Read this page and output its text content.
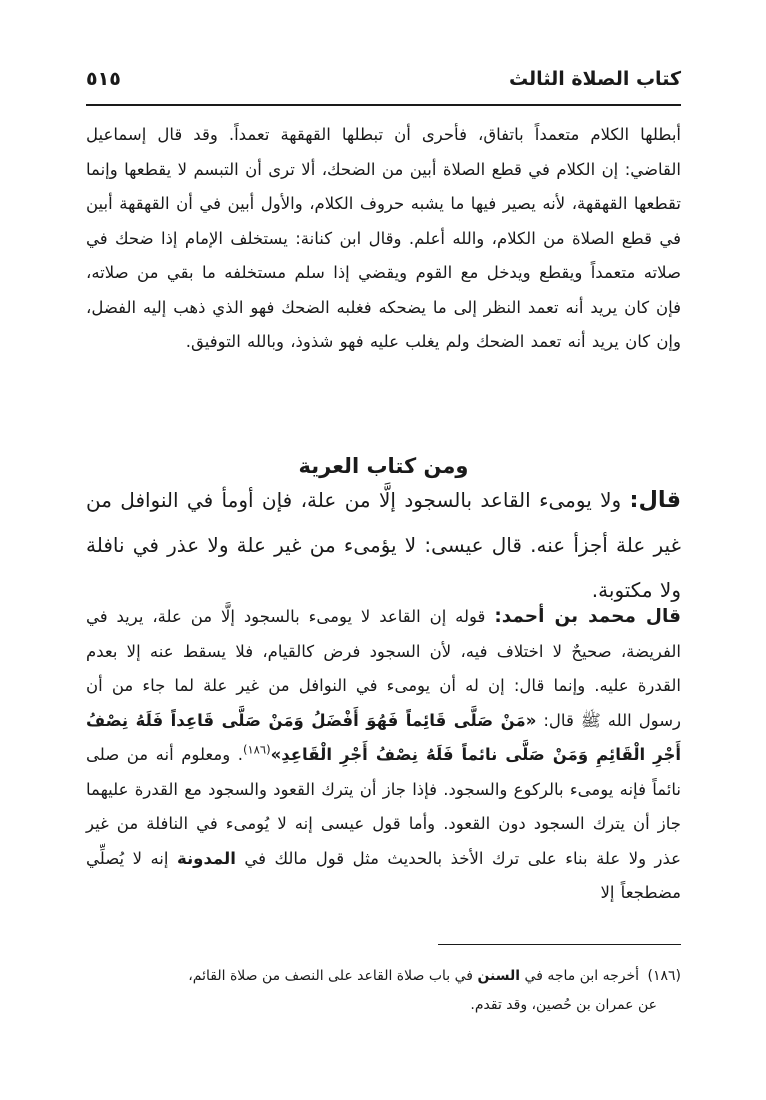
كتاب الصلاة الثالث
٥١٥

أبطلها الكلام متعمداً باتفاق، فأحرى أن تبطلها القهقهة تعمداً. وقد قال إسماعيل القاضي: إن الكلام في قطع الصلاة أبين من الضحك، ألا ترى أن التبسم لا يقطعها وإنما تقطعها القهقهة، لأنه يصير فيها ما يشبه حروف الكلام، والأول أبين في أن القهقهة أبين في قطع الصلاة من الكلام، والله أعلم. وقال ابن كنانة: يستخلف الإمام إذا ضحك في صلاته متعمداً ويقطع ويدخل مع القوم ويقضي إذا سلم مستخلفه ما بقي من صلاته، فإن كان يريد أنه تعمد النظر إلى ما يضحكه فغلبه الضحك فهو الذي ذهب إليه الفضل، وإن كان يريد أنه تعمد الضحك ولم يغلب عليه فهو شذوذ، وبالله التوفيق.

ومن كتاب العرية

قال: ولا يومىء القاعد بالسجود إلَّا من علة، فإن أومأ في النوافل من غير علة أجزأ عنه. قال عيسى: لا يؤمىء من غير علة ولا عذر في نافلة ولا مكتوبة.

قال محمد بن أحمد: قوله إن القاعد لا يومىء بالسجود إلَّا من علة، يريد في الفريضة، صحيحٌ لا اختلاف فيه، لأن السجود فرض كالقيام، فلا يسقط عنه إلا بعدم القدرة عليه. وإنما قال: إن له أن يومىء في النوافل من غير علة لما جاء من أن رسول الله ﷺ قال: «مَنْ صَلَّى قَائِماً فَهُوَ أَفْضَلُ وَمَنْ صَلَّى قَاعِداً فَلَهُ نِصْفُ أَجْرِ الْقَائِمِ وَمَنْ صَلَّى نائماً فَلَهُ نِصْفُ أَجْرِ الْقَاعِدِ»$^{(١٨٦)}$. ومعلوم أنه من صلى نائماً فإنه يومىء بالركوع والسجود. فإذا جاز أن يترك القعود والسجود مع القدرة عليهما جاز أن يترك السجود دون القعود. وأما قول عيسى إنه لا يُومىء في النافلة من غير عذر ولا علة بناء على ترك الأخذ بالحديث مثل قول مالك في المدونة إنه لا يُصلِّي مضطجعاً إلا

(١٨٦) أخرجه ابن ماجه في السنن في باب صلاة القاعد على النصف من صلاة القائم،
عن عمران بن حُصين، وقد تقدم.
